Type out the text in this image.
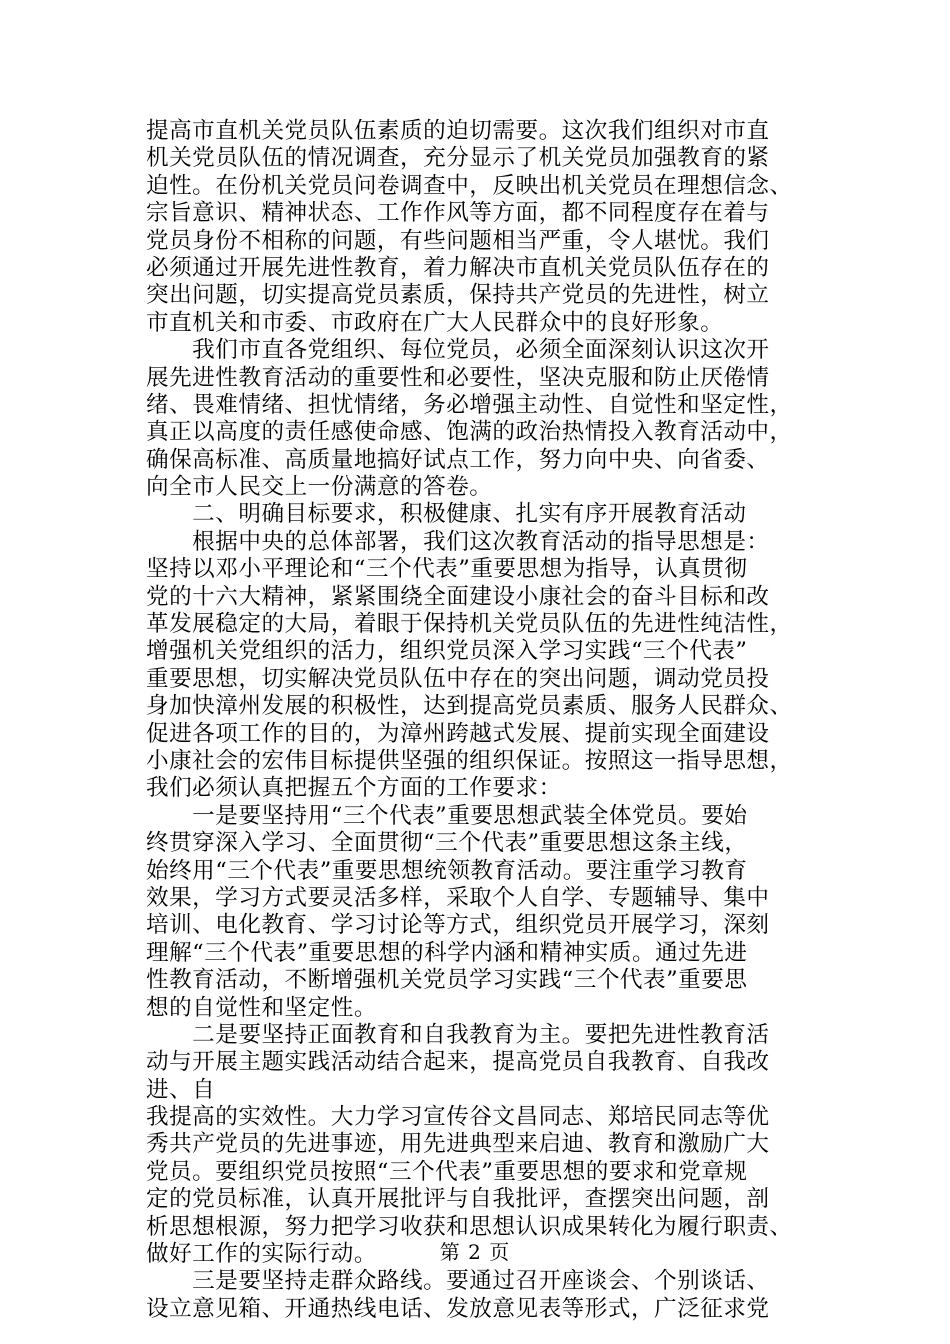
提高市直机关党员队伍素质的迫切需要。这次我们组织对市直
机关党员队伍的情况调查，充分显示了机关党员加强教育的紧
迫性。在份机关党员问卷调查中，反映出机关党员在理想信念、
宗旨意识、精神状态、工作作风等方面，都不同程度存在着与
党员身份不相称的问题，有些问题相当严重，令人堪忧。我们
必须通过开展先进性教育，着力解决市直机关党员队伍存在的
突出问题，切实提高党员素质，保持共产党员的先进性，树立
市直机关和市委、市政府在广大人民群众中的良好形象。
　　我们市直各党组织、每位党员，必须全面深刻认识这次开
展先进性教育活动的重要性和必要性，坚决克服和防止厌倦情
绪、畏难情绪、担忧情绪，务必增强主动性、自觉性和坚定性，
真正以高度的责任感使命感、饱满的政治热情投入教育活动中，
确保高标准、高质量地搞好试点工作，努力向中央、向省委、
向全市人民交上一份满意的答卷。
　　二、明确目标要求，积极健康、扎实有序开展教育活动
　　根据中央的总体部署，我们这次教育活动的指导思想是：
坚持以邓小平理论和“三个代表”重要思想为指导，认真贯彻
党的十六大精神，紧紧围绕全面建设小康社会的奋斗目标和改
革发展稳定的大局，着眼于保持机关党员队伍的先进性纯洁性，
增强机关党组织的活力，组织党员深入学习实践“三个代表”
重要思想，切实解决党员队伍中存在的突出问题，调动党员投
身加快漳州发展的积极性，达到提高党员素质、服务人民群众、
促进各项工作的目的，为漳州跨越式发展、提前实现全面建设
小康社会的宏伟目标提供坚强的组织保证。按照这一指导思想，
我们必须认真把握五个方面的工作要求：
　　一是要坚持用“三个代表”重要思想武装全体党员。要始
终贯穿深入学习、全面贯彻“三个代表”重要思想这条主线，
始终用“三个代表”重要思想统领教育活动。要注重学习教育
效果，学习方式要灵活多样，采取个人自学、专题辅导、集中
培训、电化教育、学习讨论等方式，组织党员开展学习，深刻
理解“三个代表”重要思想的科学内涵和精神实质。通过先进
性教育活动，不断增强机关党员学习实践“三个代表”重要思
想的自觉性和坚定性。
　　二是要坚持正面教育和自我教育为主。要把先进性教育活
动与开展主题实践活动结合起来，提高党员自我教育、自我改
进、自
我提高的实效性。大力学习宣传谷文昌同志、郑培民同志等优
秀共产党员的先进事迹，用先进典型来启迪、教育和激励广大
党员。要组织党员按照“三个代表”重要思想的要求和党章规
定的党员标准，认真开展批评与自我批评，查摆突出问题，剖
析思想根源，努力把学习收获和思想认识成果转化为履行职责、
做好工作的实际行动。
　　三是要坚持走群众路线。要通过召开座谈会、个别谈话、
设立意见箱、开通热线电话、发放意见表等形式，广泛征求党
第 2 页
